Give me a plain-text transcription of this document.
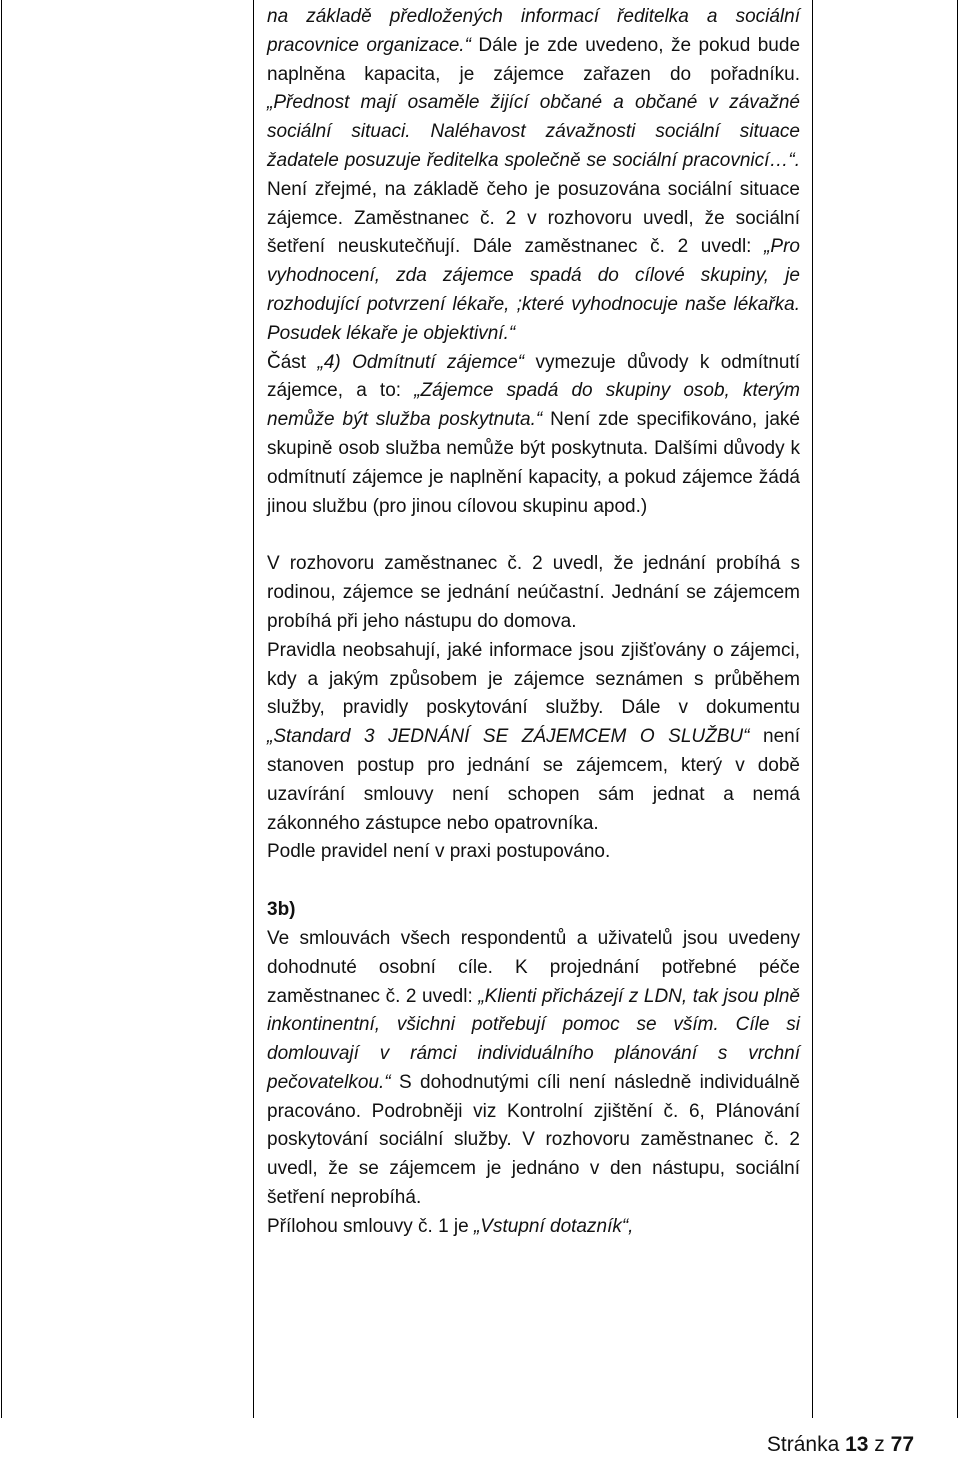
na základě předložených informací ředitelka a sociální pracovnice organizace.“ Dále je zde uvedeno, že pokud bude naplněna kapacita, je zájemce zařazen do pořadníku. „Přednost mají osaměle žijící občané a občané v závažné sociální situaci. Naléhavost závažnosti sociální situace žadatele posuzuje ředitelka společně se sociální pracovnicí…“. Není zřejmé, na základě čeho je posuzována sociální situace zájemce. Zaměstnanec č. 2 v rozhovoru uvedl, že sociální šetření neuskutečňují. Dále zaměstnanec č. 2 uvedl: „Pro vyhodnocení, zda zájemce spadá do cílové skupiny, je rozhodující potvrzení lékaře, ;které vyhodnocuje naše lékařka. Posudek lékaře je objektivní.“

Část „4) Odmítnutí zájemce“ vymezuje důvody k odmítnutí zájemce, a to: „Zájemce spadá do skupiny osob, kterým nemůže být služba poskytnuta.“ Není zde specifikováno, jaké skupině osob služba nemůže být poskytnuta. Dalšími důvody k odmítnutí zájemce je naplnění kapacity, a pokud zájemce žádá jinou službu (pro jinou cílovou skupinu apod.)

V rozhovoru zaměstnanec č. 2 uvedl, že jednání probíhá s rodinou, zájemce se jednání neúčastní. Jednání se zájemcem probíhá při jeho nástupu do domova.

Pravidla neobsahují, jaké informace jsou zjišťovány o zájemci, kdy a jakým způsobem je zájemce seznámen s průběhem služby, pravidly poskytování služby. Dále v dokumentu „Standard 3 JEDNÁNÍ SE ZÁJEMCEM O SLUŽBU“ není stanoven postup pro jednání se zájemcem, který v době uzavírání smlouvy není schopen sám jednat a nemá zákonného zástupce nebo opatrovníka.

Podle pravidel není v praxi postupováno.

3b)

Ve smlouvách všech respondentů a uživatelů jsou uvedeny dohodnuté osobní cíle. K projednání potřebné péče zaměstnanec č. 2 uvedl: „Klienti přicházejí z LDN, tak jsou plně inkontinentní, všichni potřebují pomoc se vším. Cíle si domlouvají v rámci individuálního plánování s vrchní pečovatelkou.“ S dohodnutými cíli není následně individuálně pracováno. Podrobněji viz Kontrolní zjištění č. 6, Plánování poskytování sociální služby. V rozhovoru zaměstnanec č. 2 uvedl, že se zájemcem je jednáno v den nástupu, sociální šetření neprobíhá.

Přílohou smlouvy č. 1 je „Vstupní dotazník“,

Stránka 13 z 77
